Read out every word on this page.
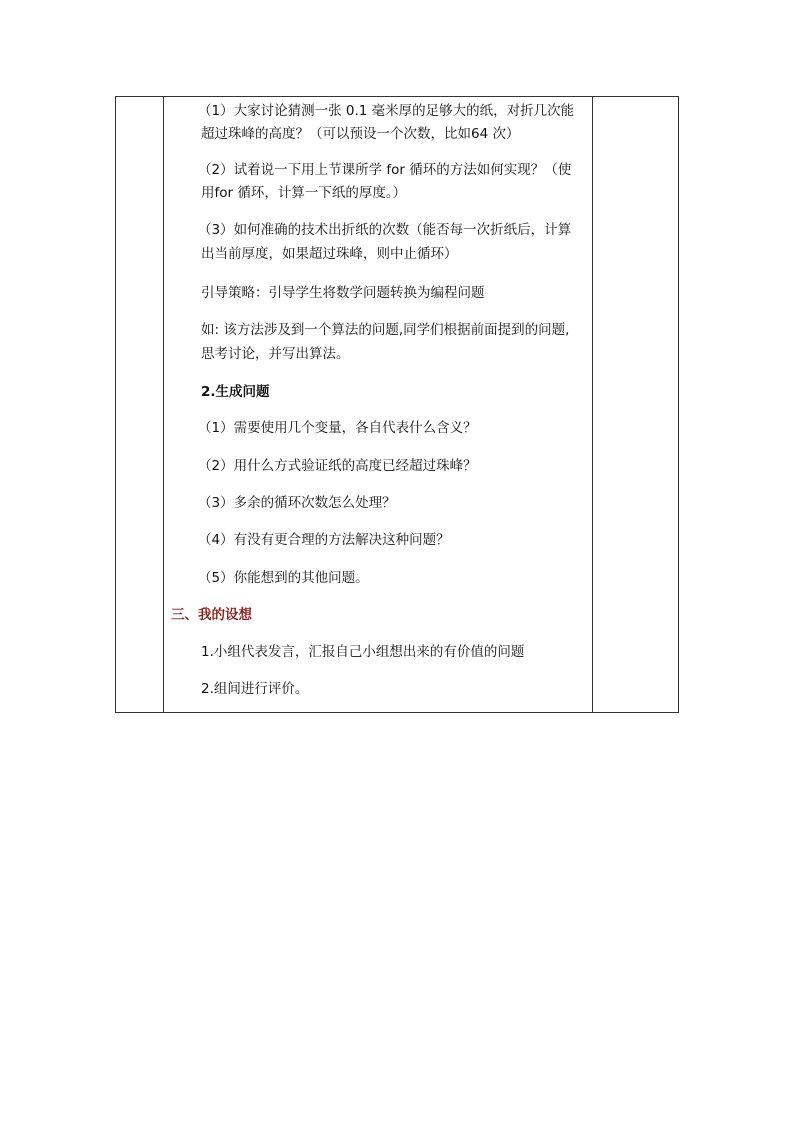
（1）大家讨论猜测一张 0.1 毫米厚的足够大的纸，对折几次能
超过珠峰的高度？（可以预设一个次数，比如64 次）
（2）试着说一下用上节课所学 for 循环的方法如何实现？（使
用for 循环，计算一下纸的厚度。）
（3）如何准确的技术出折纸的次数（能否每一次折纸后，计算
出当前厚度，如果超过珠峰，则中止循环）
引导策略：引导学生将数学问题转换为编程问题
如: 该方法涉及到一个算法的问题,同学们根据前面提到的问题,
思考讨论，并写出算法。
2.生成问题
（1）需要使用几个变量，各自代表什么含义？
（2）用什么方式验证纸的高度已经超过珠峰？
（3）多余的循环次数怎么处理？
（4）有没有更合理的方法解决这种问题？
（5）你能想到的其他问题。
三、我的设想
1.小组代表发言，汇报自己小组想出来的有价值的问题
2.组间进行评价。
